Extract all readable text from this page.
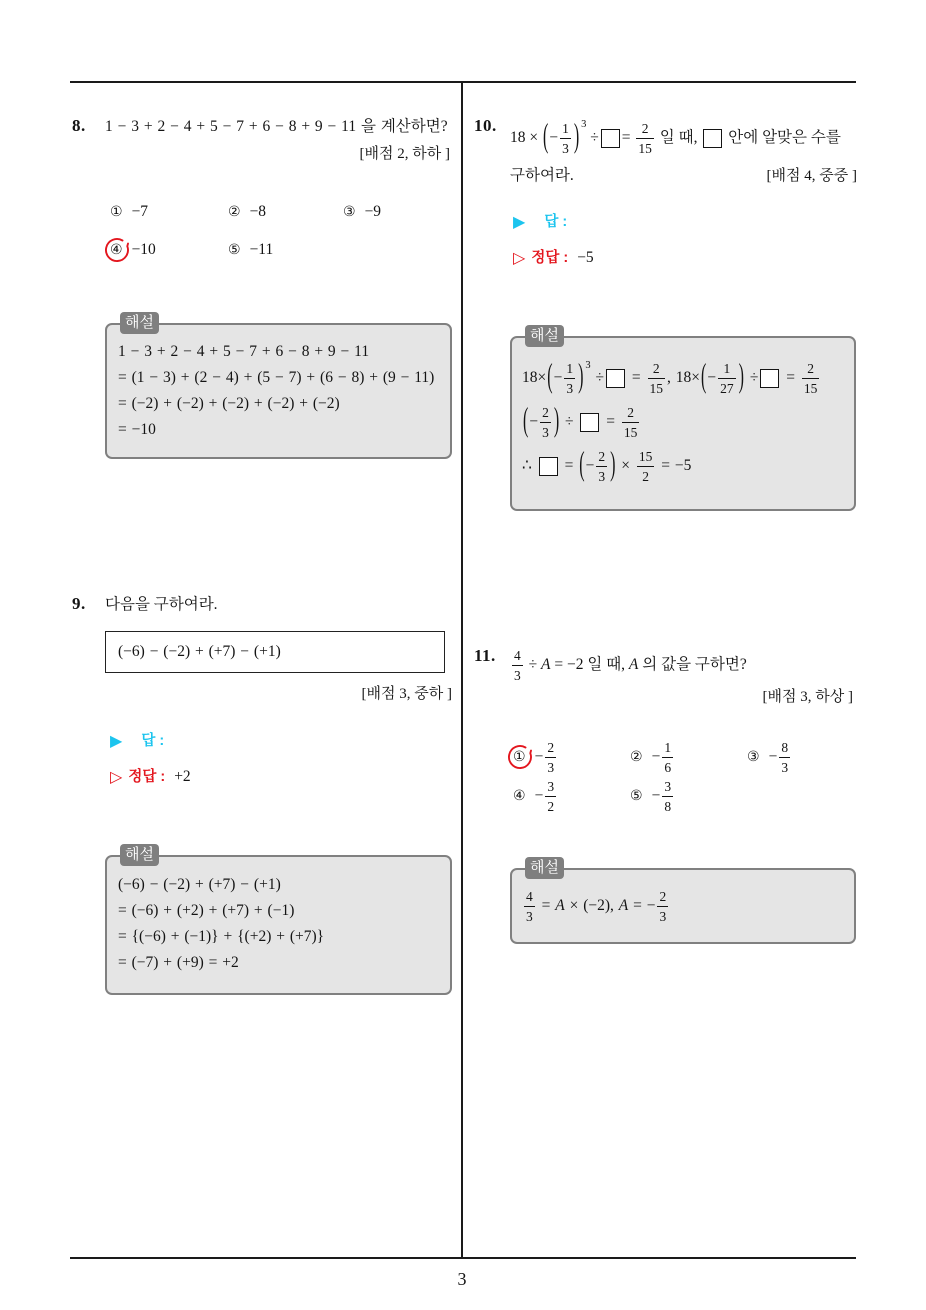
8. 1 − 3 + 2 − 4 + 5 − 7 + 6 − 8 + 9 − 11 을 계산하면?
[배점 2, 하하 ]
① −7	② −8	③ −9
④ −10	⑤ −11
1 − 3 + 2 − 4 + 5 − 7 + 6 − 8 + 9 − 11
= (1 − 3) + (2 − 4) + (5 − 7) + (6 − 8) + (9 − 11)
= (−2) + (−2) + (−2) + (−2) + (−2)
= −10
해설
9. 다음을 구하여라.
(−6) − (−2) + (+7) − (+1)
[배점 3, 중하 ]
▶ 답 :
▷ 정답 : +2
(−6) − (−2) + (+7) − (+1)
= (−6) + (+2) + (+7) + (−1)
= {(−6) + (−1)} + {(+2) + (+7)}
= (−7) + (+9) = +2
해설
10.
18 × ( − $\frac{1}{3}$ ) 3
÷ = $\frac{2}{15}$ 일 때, 안에 알맞은 수를
구하여라.	[배점 4, 중중 ]
▶ 답 :
▷ 정답 : −5
18× ( − $\frac{1}{3}$ ) 3
÷ = $\frac{2}{15}$ , 18× ( − $\frac{1}{27}$ ) ÷ = $\frac{2}{15}$
( − $\frac{2}{3}$ ) ÷ = $\frac{2}{15}$
∴ = ( − $\frac{2}{3}$ ) × $\frac{15}{2} = -5$
해설
11. $\frac{4}{3} \div A = -2$ 일 때, A 의 값을 구하면?
[배점 3, 하상 ]
① − $\frac{2}{3}$	② − $\frac{1}{6}$	③ − $\frac{8}{3}$
④ − $\frac{3}{2}$	⑤ − $\frac{3}{8}$
$\frac{4}{3} = A \times (-2)$, A = − $\frac{2}{3}$
해설
3
